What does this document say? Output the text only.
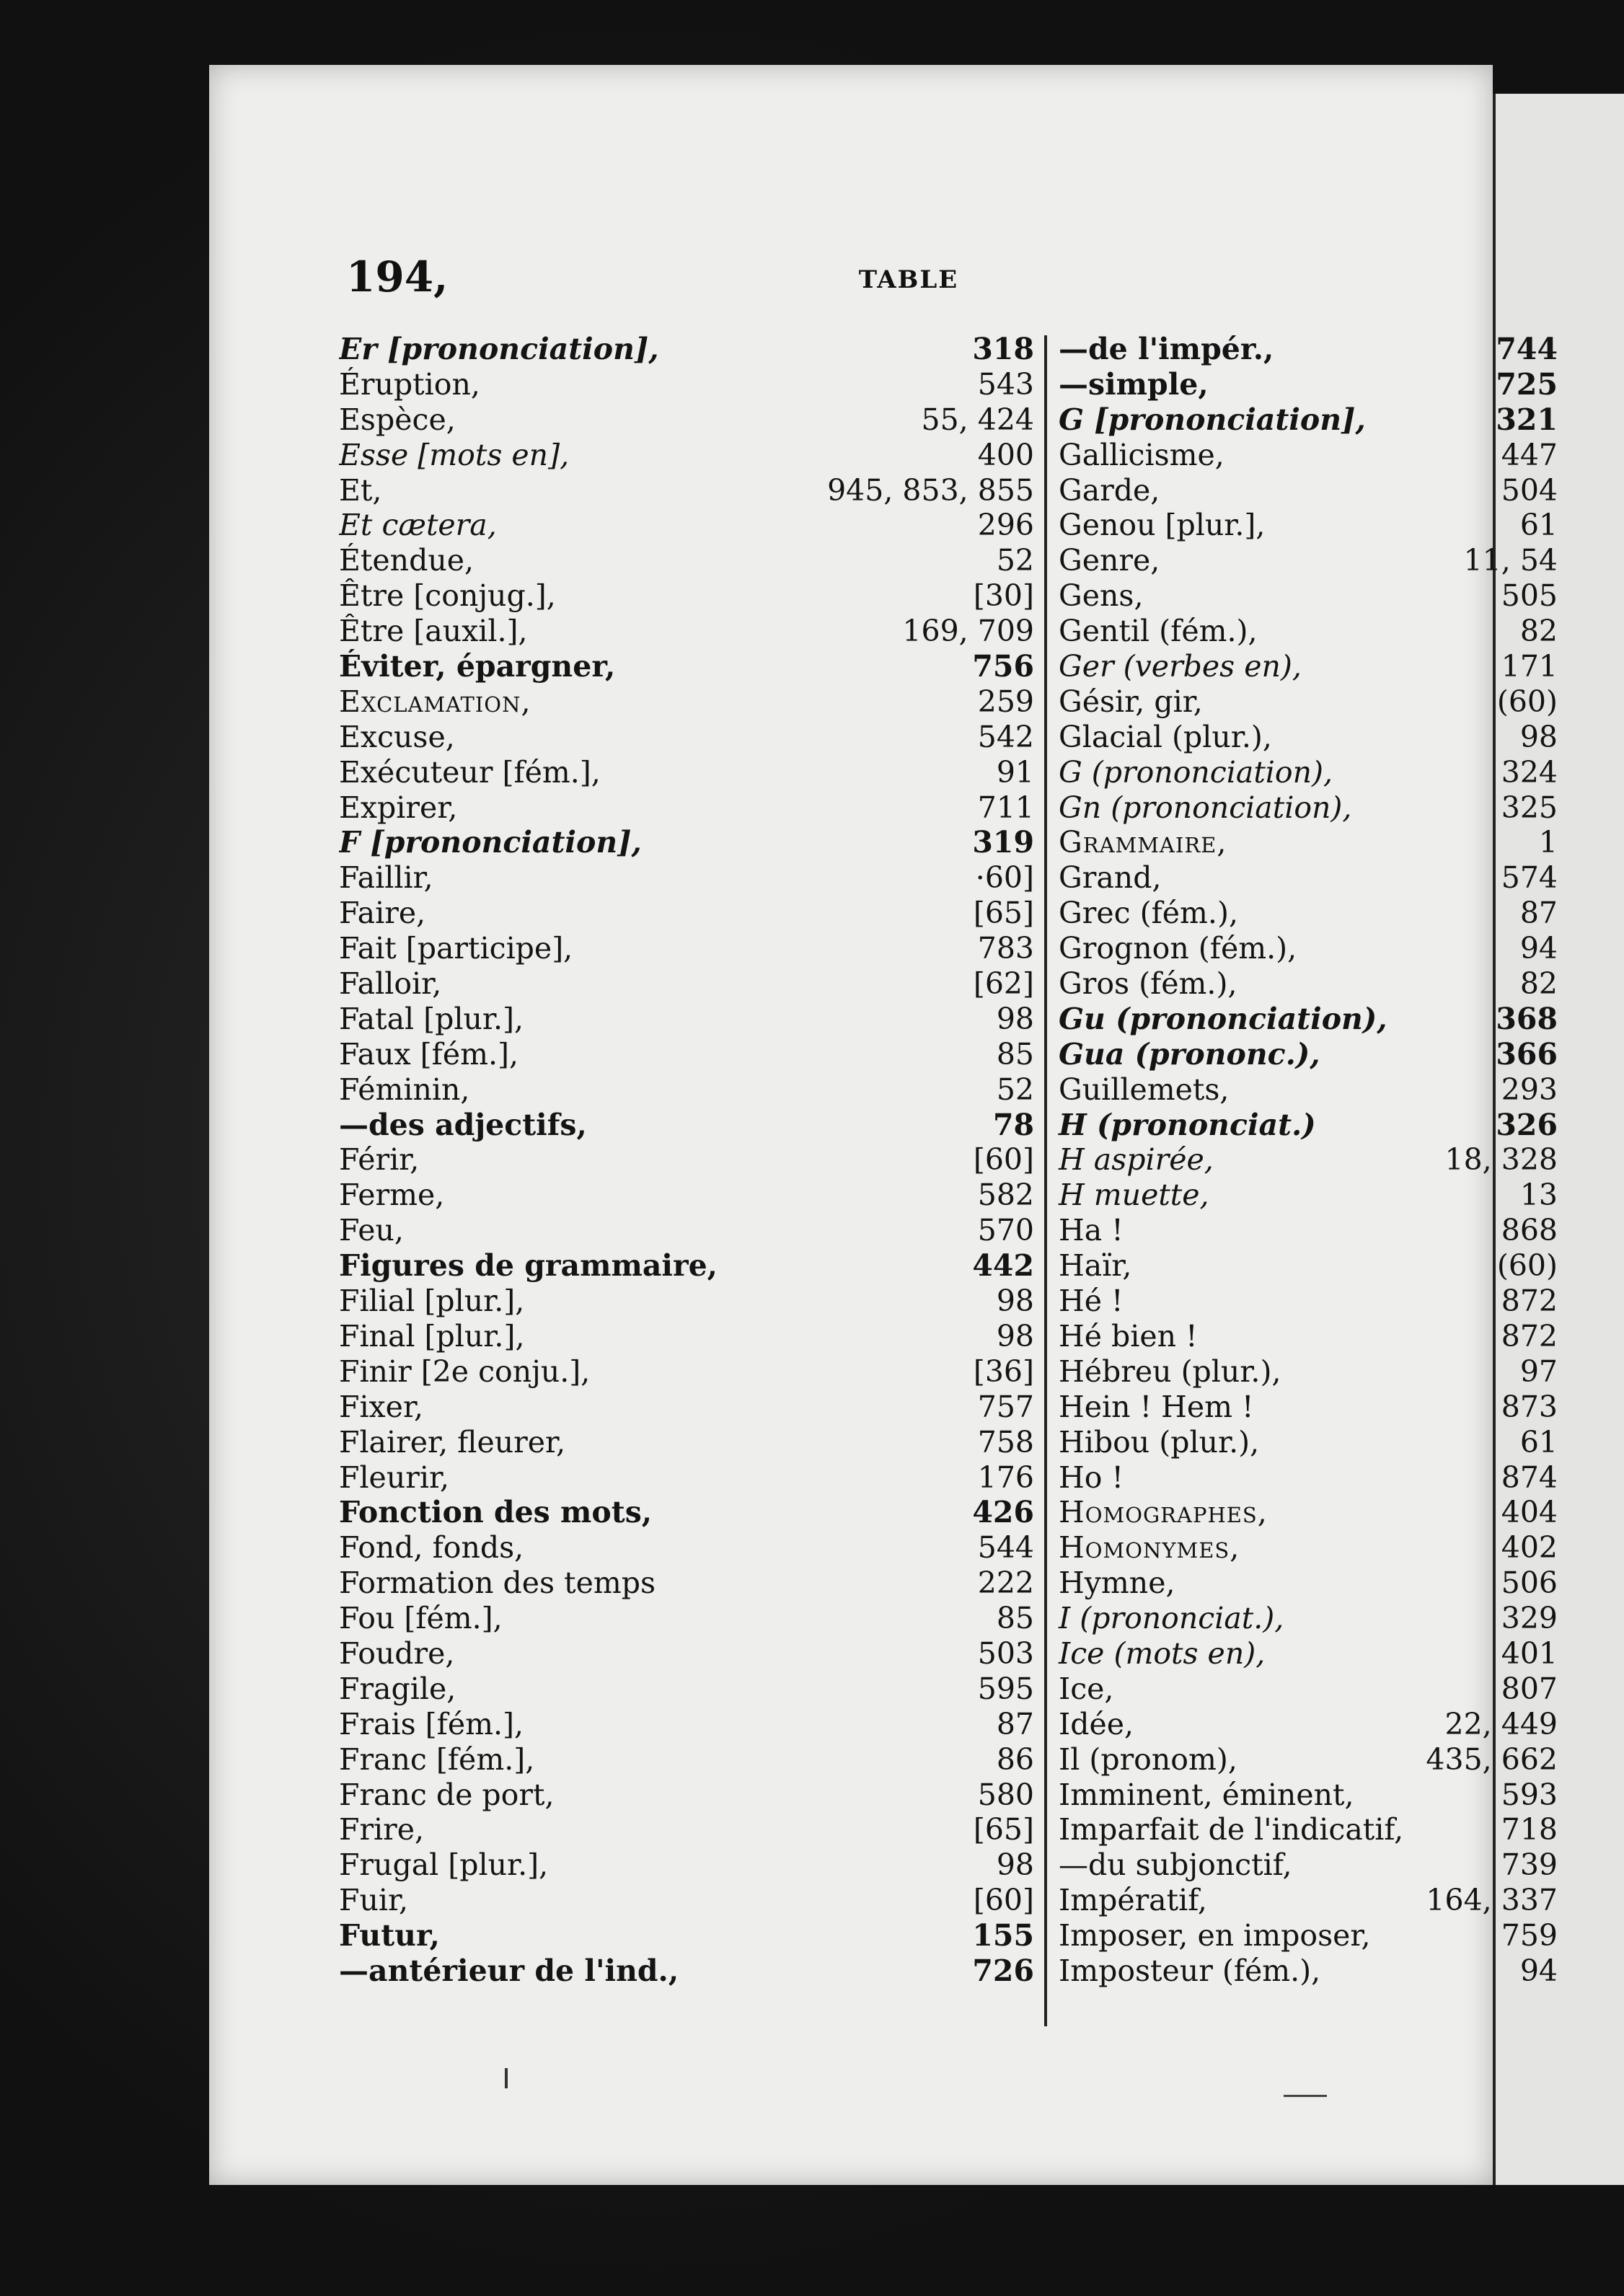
194,	TABLE
Er [prononciation],	318
Éruption,	543
Espèce,	55, 424
Esse [mots en],	400
Et,	945, 853, 855
Et cætera,	296
Étendue,	52
Être [conjug.],	[30]
Être [auxil.],	169, 709
Éviter, épargner,	756
Exclamation,	259
Excuse,	542
Exécuteur [fém.],	91
Expirer,	711
F [prononciation],	319
Faillir,	·60]
Faire,	[65]
Fait [participe],	783
Falloir,	[62]
Fatal [plur.],	98
Faux [fém.],	85
Féminin,	52
—des adjectifs,	78
Férir,	[60]
Ferme,	582
Feu,	570
Figures de grammaire,	442
Filial [plur.],	98
Final [plur.],	98
Finir [2e conju.],	[36]
Fixer,	757
Flairer, fleurer,	758
Fleurir,	176
Fonction des mots,	426
Fond, fonds,	544
Formation des temps	222
Fou [fém.],	85
Foudre,	503
Fragile,	595
Frais [fém.],	87
Franc [fém.],	86
Franc de port,	580
Frire,	[65]
Frugal [plur.],	98
Fuir,	[60]
Futur,	155
—antérieur de l'ind.,	726
—de l'impér.,	744
—simple,	725
G [prononciation],	321
Gallicisme,	447
Garde,	504
Genou [plur.],	61
Genre,	11, 54
Gens,	505
Gentil (fém.),	82
Ger (verbes en),	171
Gésir, gir,	(60)
Glacial (plur.),	98
G (prononciation),	324
Gn (prononciation),	325
Grammaire,	1
Grand,	574
Grec (fém.),	87
Grognon (fém.),	94
Gros (fém.),	82
Gu (prononciation),	368
Gua (prononc.),	366
Guillemets,	293
H (prononciat.)	326
H aspirée,	18, 328
H muette,	13
Ha !	868
Haïr,	(60)
Hé !	872
Hé bien !	872
Hébreu (plur.),	97
Hein ! Hem !	873
Hibou (plur.),	61
Ho !	874
Homographes,	404
Homonymes,	402
Hymne,	506
I (prononciat.),	329
Ice (mots en),	401
Ice,	807
Idée,	22, 449
Il (pronom),	435, 662
Imminent, éminent,	593
Imparfait de l'indicatif,	718
—du subjonctif,	739
Impératif,	164, 337
Imposer, en imposer,	759
Imposteur (fém.),	94
